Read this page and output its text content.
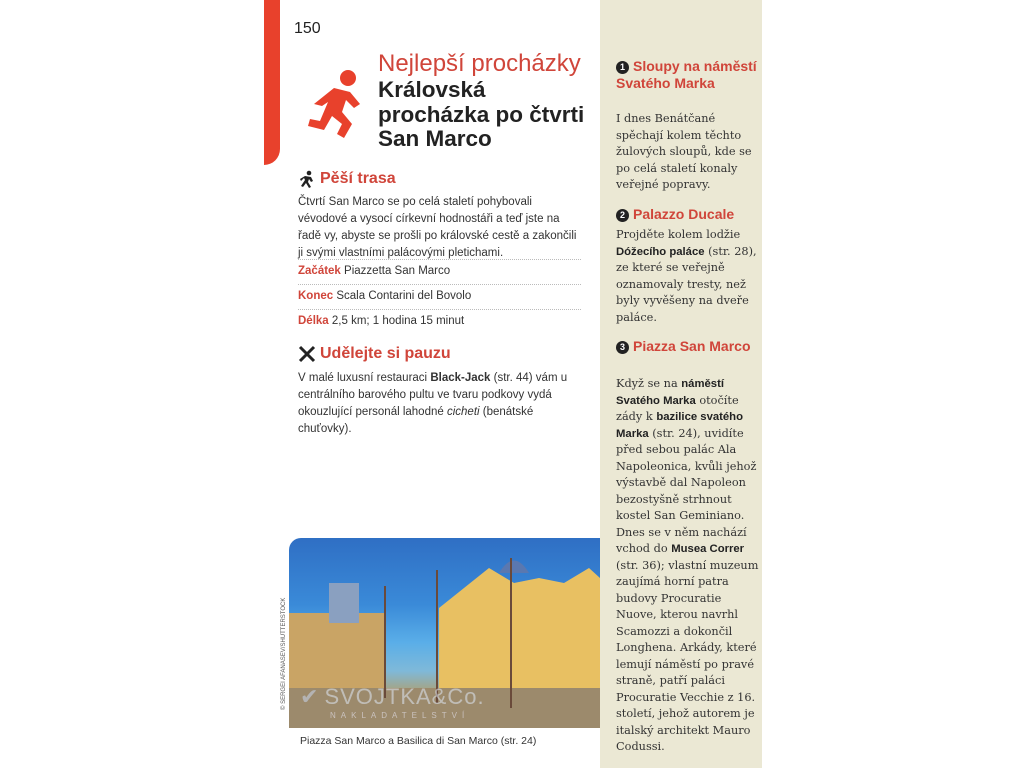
150
Nejlepší procházky
Královská procházka po čtvrti San Marco
Pěší trasa
Čtvrtí San Marco se po celá staletí pohybovali vévodové a vysocí církevní hodnostáři a teď jste na řadě vy, abyste se prošli po královské cestě a zakončili ji svými vlastními palácovými pletichami.
Začátek Piazzetta San Marco
Konec Scala Contarini del Bovolo
Délka 2,5 km; 1 hodina 15 minut
Udělejte si pauzu
V malé luxusní restauraci Black-Jack (str. 44) vám u centrálního barového pultu ve tvaru podkovy vydá okouzlující personál lahodné cicheti (benátské chuťovky).
© SERGEI AFANASEV/SHUTTERSTOCK ✔ SVOJTKA&Co.
NAKLADATELSTVÍ
Piazza San Marco a Basilica di San Marco (str. 24)
1 Sloupy na náměstí Svatého Marka
I dnes Benátčané spěchají kolem těchto žulových sloupů, kde se po celá staletí konaly veřejné popravy.
2 Palazzo Ducale
Projděte kolem lodžie Dóžecího paláce (str. 28), ze které se veřejně oznamovaly tresty, než byly vyvěšeny na dveře paláce.
3 Piazza San Marco
Když se na náměstí Svatého Marka otočíte zády k bazilice svatého Marka (str. 24), uvidíte před sebou palác Ala Napoleonica, kvůli jehož výstavbě dal Napoleon bezostyšně strhnout kostel San Geminiano. Dnes se v něm nachází vchod do Musea Correr (str. 36); vlastní muzeum zaujímá horní patra budovy Procuratie Nuove, kterou navrhl Scamozzi a dokončil Longhena. Arkády, které lemují náměstí po pravé straně, patří paláci Procuratie Vecchie z 16. století, jehož autorem je italský architekt Mauro Codussi.
